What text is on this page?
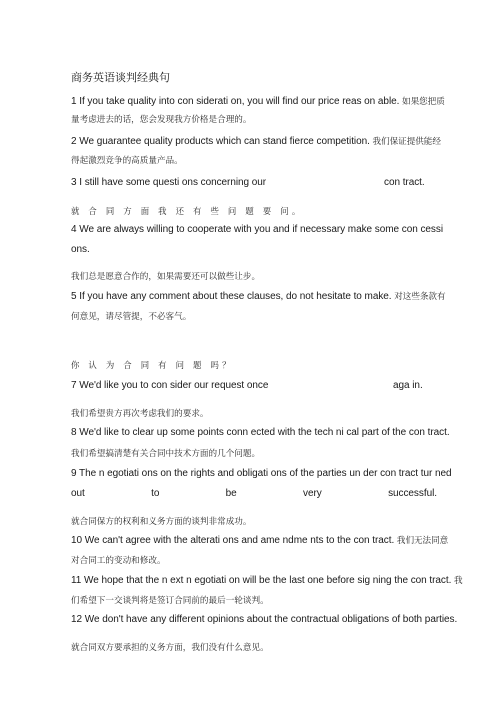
商务英语谈判经典句
1 If you take quality into con siderati on, you will find our price reas on able. 如果您把质
量考虑进去的话，您会发现我方价格是合理的。
2 We guarantee quality products which can stand fierce competition. 我们保证提供能经
得起激烈竞争的高质量产品。
3 I still have some questi ons concerning our	con tract.
就 合 同 方 面 我 还 有 些 问 题 要 问。
4 We are always willing to cooperate with you and if necessary make some con cessi
ons.
我们总是愿意合作的，如果需要还可以做些让步。
5 If you have any comment about these clauses, do not hesitate to make. 对这些条款有
何意见，请尽管提，不必客气。
你 认 为 合 同 有 问 题 吗？
7 We'd like you to con sider our request once	aga in.
我们希望贵方再次考虑我们的要求。
8 We'd like to clear up some points conn ected with the tech ni cal part of the con tract.
我们希望搞清楚有关合同中技术方面的几个问题。
9 The n egotiati ons on the rights and obligati ons of the parties un der con tract tur ned
out	to	be	very	successful.
就合同保方的权利和义务方面的谈判非常成功。
10 We can't agree with the alterati ons and ame ndme nts to the con tract. 我们无法同意
对合同工的变动和修改。
11 We hope that the n ext n egotiati on will be the last one before sig ning the con tract. 我
们希望下一交谈判将是签订合同前的最后一轮谈判。
12 We don't have any different opinions about the contractual obligations of both parties.
就合同双方要承担的义务方面，我们没有什么意见。
